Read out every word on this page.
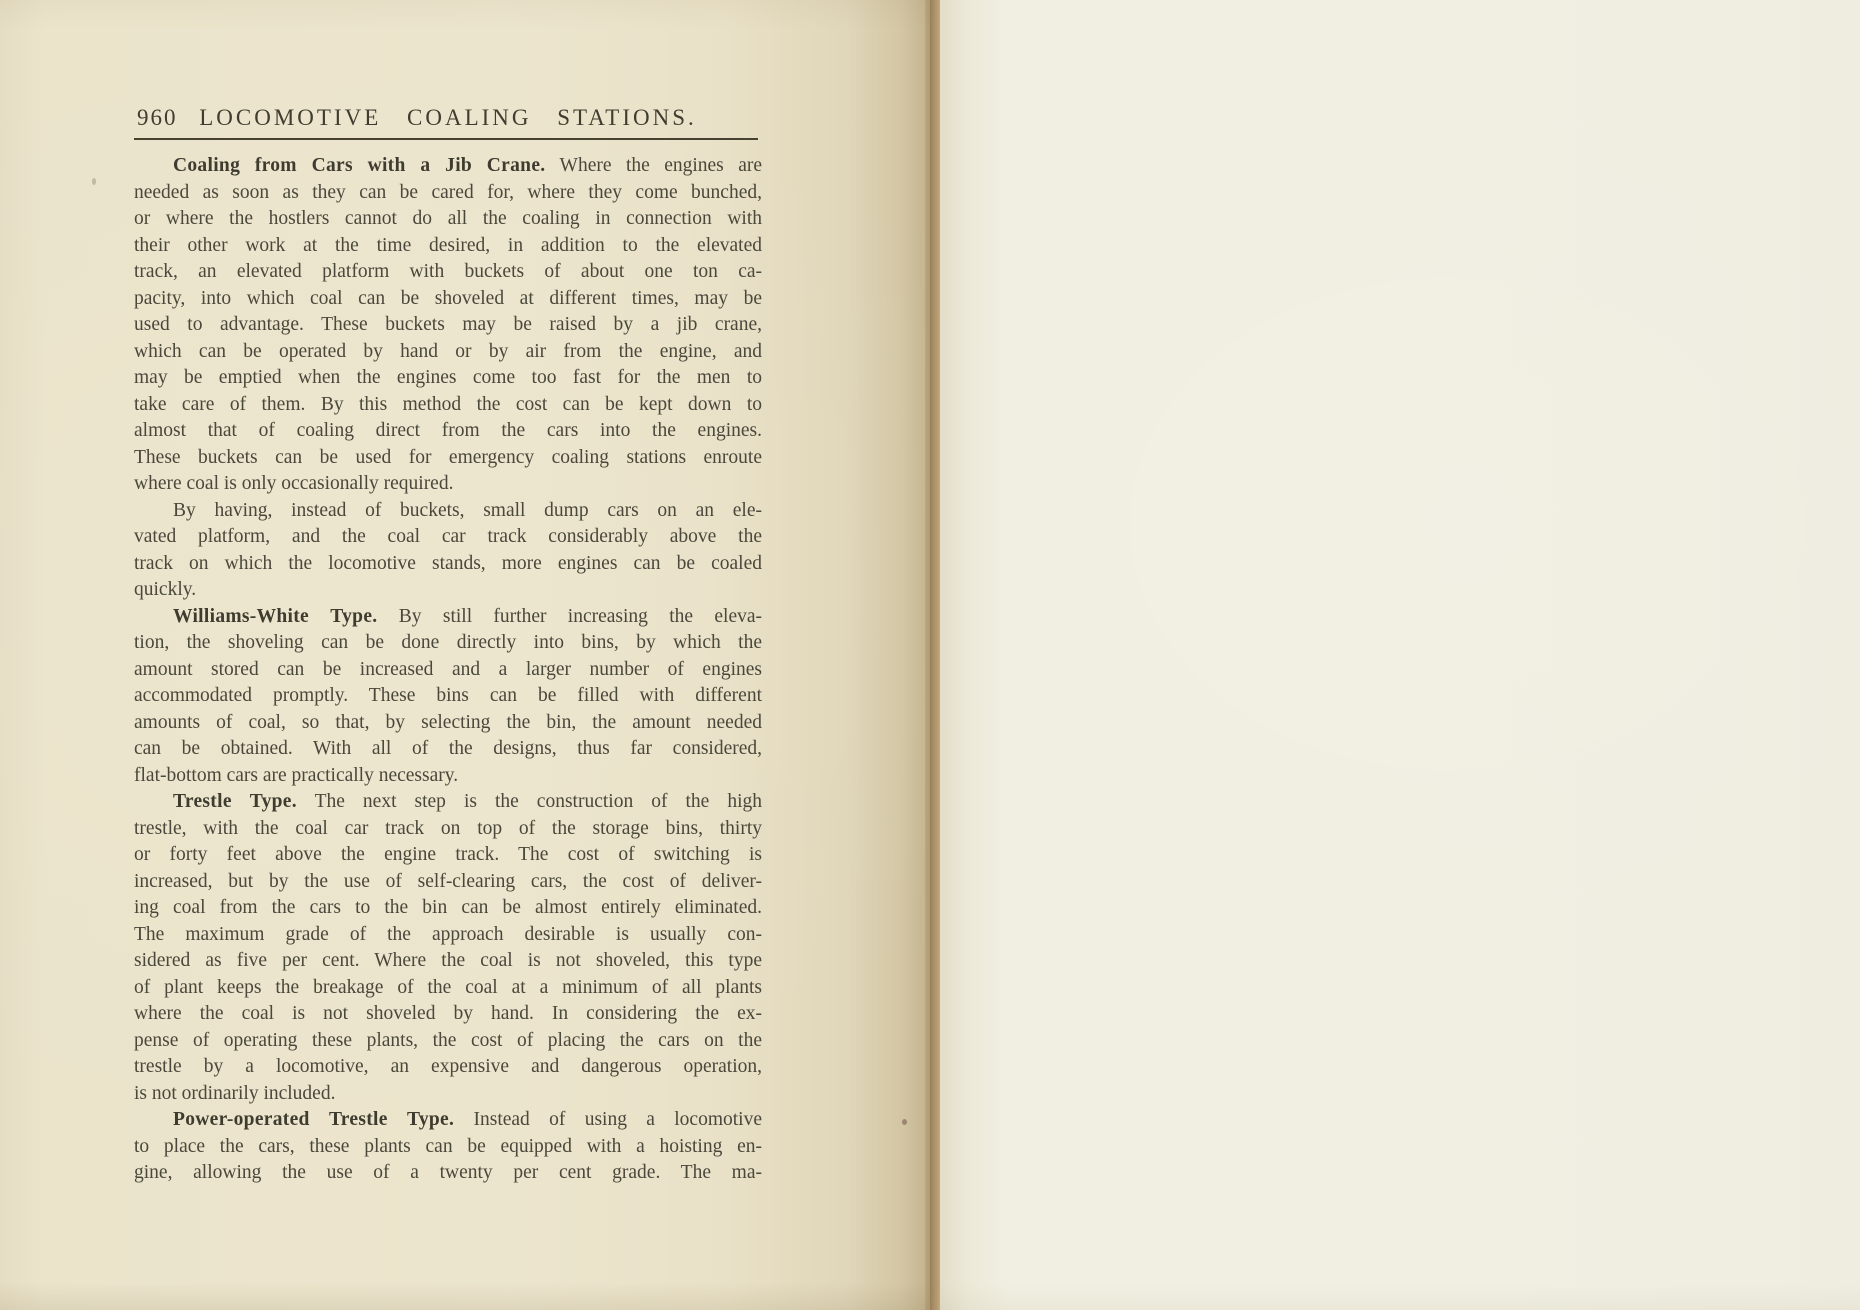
960 LOCOMOTIVE COALING STATIONS.
Coaling from Cars with a Jib Crane. Where the engines are
needed as soon as they can be cared for, where they come bunched,
or where the hostlers cannot do all the coaling in connection with
their other work at the time desired, in addition to the elevated
track, an elevated platform with buckets of about one ton ca-
pacity, into which coal can be shoveled at different times, may be
used to advantage. These buckets may be raised by a jib crane,
which can be operated by hand or by air from the engine, and
may be emptied when the engines come too fast for the men to
take care of them. By this method the cost can be kept down to
almost that of coaling direct from the cars into the engines.
These buckets can be used for emergency coaling stations enroute
where coal is only occasionally required.
By having, instead of buckets, small dump cars on an ele-
vated platform, and the coal car track considerably above the
track on which the locomotive stands, more engines can be coaled
quickly.
Williams-White Type. By still further increasing the eleva-
tion, the shoveling can be done directly into bins, by which the
amount stored can be increased and a larger number of engines
accommodated promptly. These bins can be filled with different
amounts of coal, so that, by selecting the bin, the amount needed
can be obtained. With all of the designs, thus far considered,
flat-bottom cars are practically necessary.
Trestle Type. The next step is the construction of the high
trestle, with the coal car track on top of the storage bins, thirty
or forty feet above the engine track. The cost of switching is
increased, but by the use of self-clearing cars, the cost of deliver-
ing coal from the cars to the bin can be almost entirely eliminated.
The maximum grade of the approach desirable is usually con-
sidered as five per cent. Where the coal is not shoveled, this type
of plant keeps the breakage of the coal at a minimum of all plants
where the coal is not shoveled by hand. In considering the ex-
pense of operating these plants, the cost of placing the cars on the
trestle by a locomotive, an expensive and dangerous operation,
is not ordinarily included.
Power-operated Trestle Type. Instead of using a locomotive
to place the cars, these plants can be equipped with a hoisting en-
gine, allowing the use of a twenty per cent grade. The ma-
